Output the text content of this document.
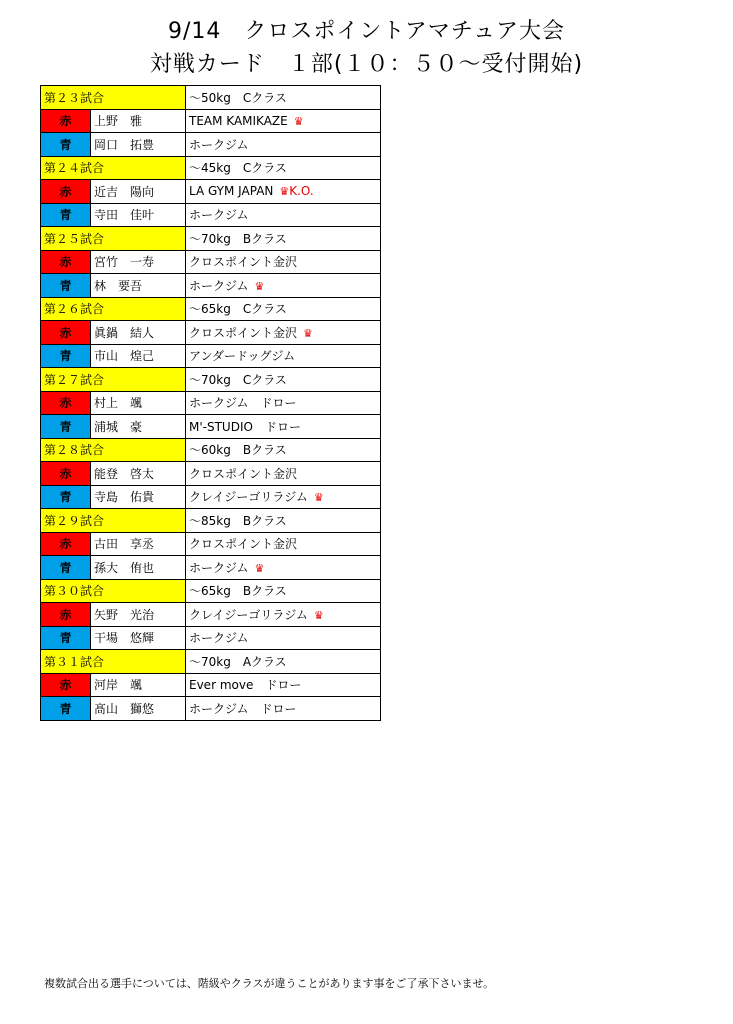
9/14　クロスポイントアマチュア大会
対戦カード　１部(１０：５０～受付開始)
第２３試合		～50kg　Cクラス
赤	上野　雅	TEAM KAMIKAZE ♛
青	岡口　拓豊	ホークジム
第２４試合		～45kg　Cクラス
赤	近吉　陽向	LA GYM JAPAN ♛K.O.
青	寺田　佳叶	ホークジム
第２５試合		～70kg　Bクラス
赤	宮竹　一寿	クロスポイント金沢
青	林　要吾	ホークジム ♛
第２６試合		～65kg　Cクラス
赤	眞鍋　結人	クロスポイント金沢 ♛
青	市山　煌己	アンダードッグジム
第２７試合		～70kg　Cクラス
赤	村上　颯	ホークジム　ドロー
青	浦城　豪	M'-STUDIO　ドロー
第２８試合		～60kg　Bクラス
赤	能登　啓太	クロスポイント金沢
青	寺島　佑貴	クレイジーゴリラジム ♛
第２９試合		～85kg　Bクラス
赤	古田　享丞	クロスポイント金沢
青	孫大　侑也	ホークジム ♛
第３０試合		～65kg　Bクラス
赤	矢野　光治	クレイジーゴリラジム ♛
青	干場　悠輝	ホークジム
第３１試合		～70kg　Aクラス
赤	河岸　颯	Ever move　ドロー
青	髙山　獅悠	ホークジム　ドロー
複数試合出る選手については、階級やクラスが違うことがあります事をご了承下さいませ。
